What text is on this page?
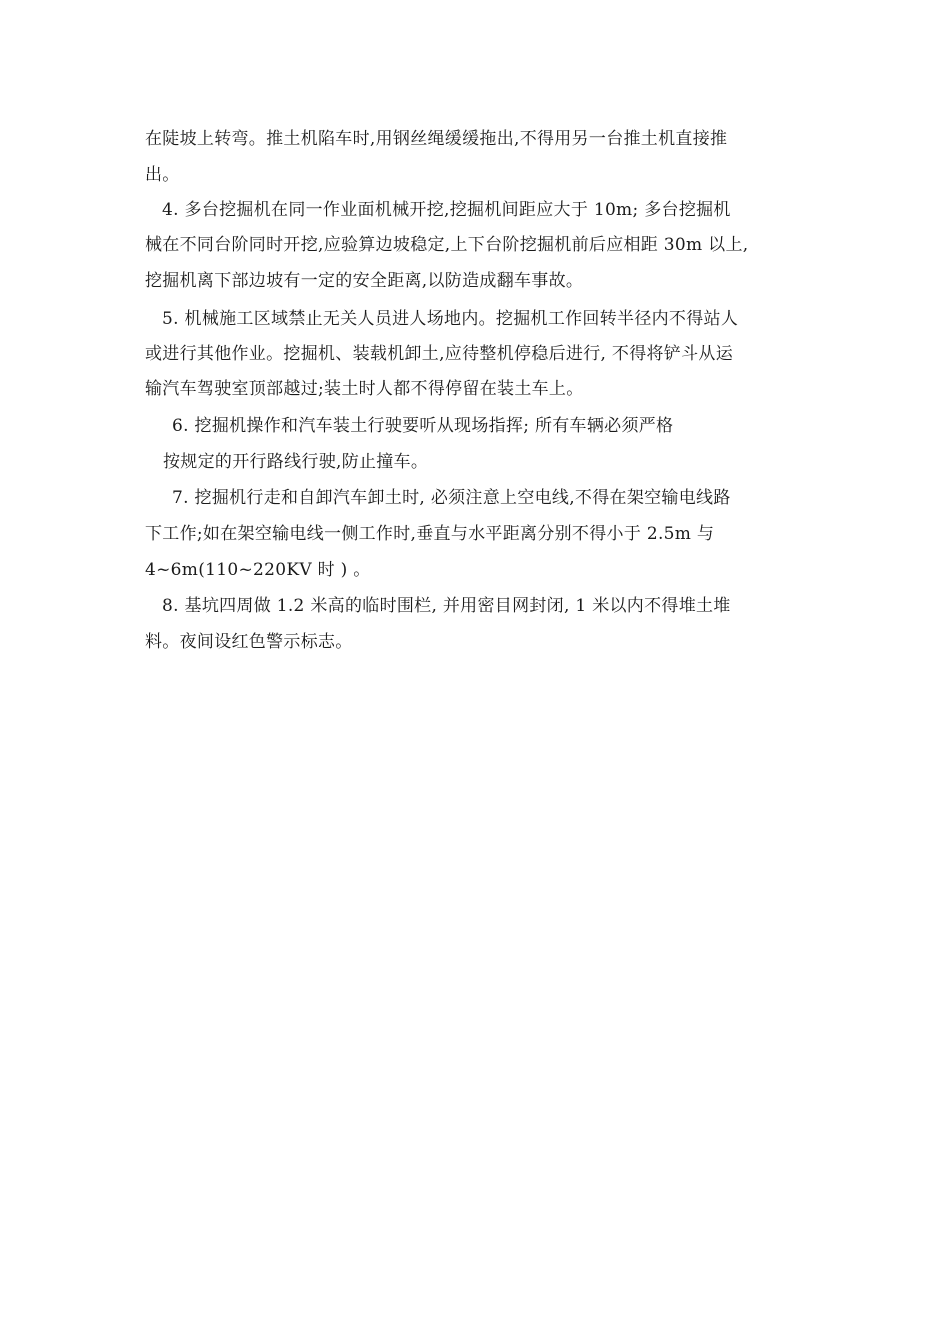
在陡坡上转弯。推土机陷车时,用钢丝绳缓缓拖出,不得用另一台推土机直接推
出。
4. 多台挖掘机在同一作业面机械开挖,挖掘机间距应大于 10m; 多台挖掘机
械在不同台阶同时开挖,应验算边坡稳定,上下台阶挖掘机前后应相距 30m 以上,
挖掘机离下部边坡有一定的安全距离,以防造成翻车事故。
5. 机械施工区域禁止无关人员进人场地内。挖掘机工作回转半径内不得站人
或进行其他作业。挖掘机、装载机卸土,应待整机停稳后进行, 不得将铲斗从运
输汽车驾驶室顶部越过;装土时人都不得停留在装土车上。
6. 挖掘机操作和汽车装土行驶要听从现场指挥; 所有车辆必须严格
按规定的开行路线行驶,防止撞车。
7. 挖掘机行走和自卸汽车卸土时, 必须注意上空电线,不得在架空输电线路
下工作;如在架空输电线一侧工作时,垂直与水平距离分别不得小于 2.5m 与
4~6m(110~220KV 时 ) 。
8. 基坑四周做 1.2 米高的临时围栏, 并用密目网封闭, 1 米以内不得堆土堆
料。夜间设红色警示标志。
